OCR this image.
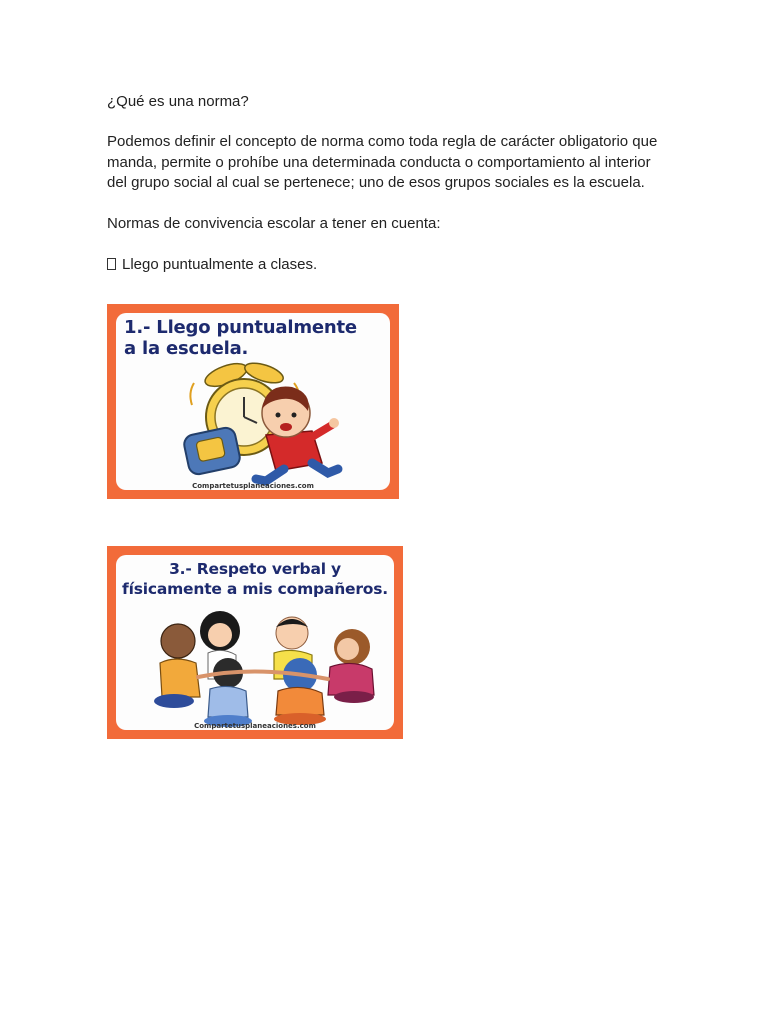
¿Qué es una norma?
Podemos definir el concepto de norma como toda regla de carácter obligatorio que manda, permite o prohíbe una determinada conducta o comportamiento al interior del grupo social al cual se pertenece; uno de esos grupos sociales es la escuela.
Normas de convivencia escolar a tener en cuenta:
Llego puntualmente a clases.
1.- Llego puntualmente
a la escuela.
Compartetusplaneaciones.com
3.- Respeto verbal y
físicamente a mis compañeros.
Compartetusplaneaciones.com
